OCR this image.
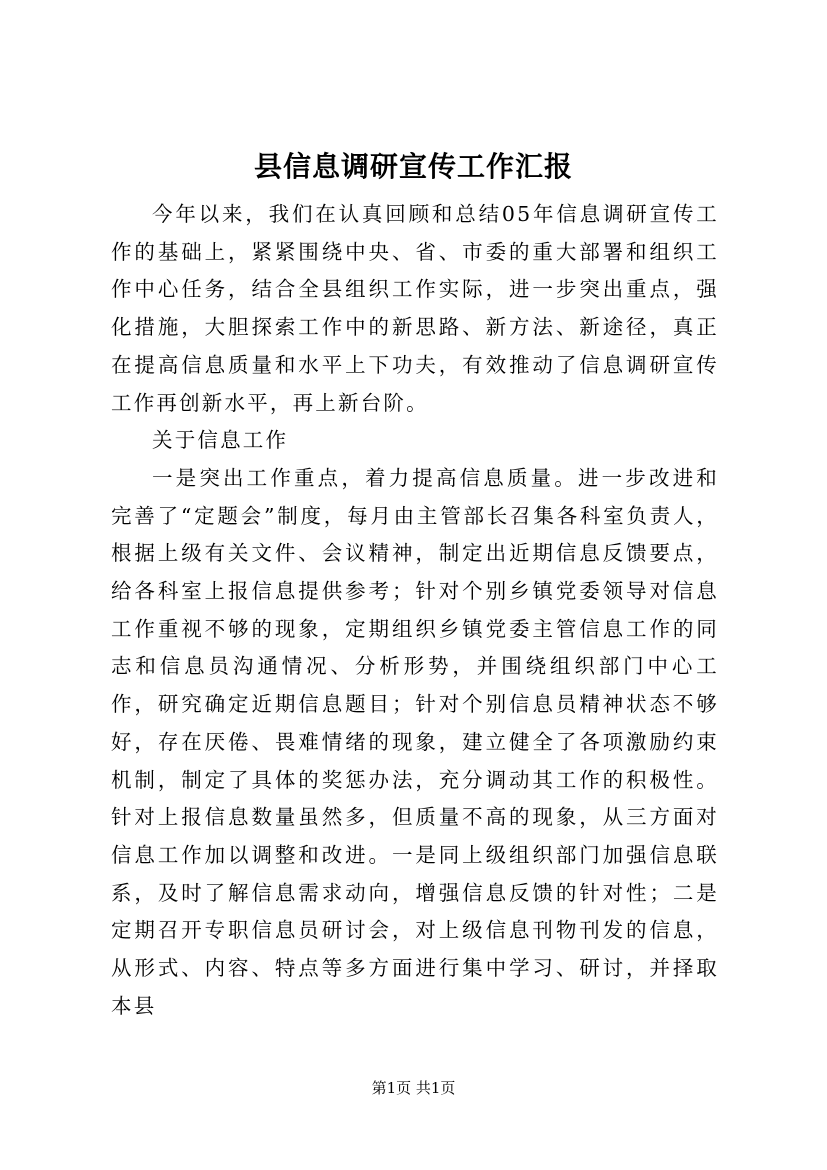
县信息调研宣传工作汇报

今年以来，我们在认真回顾和总结05年信息调研宣传工作的基础上，紧紧围绕中央、省、市委的重大部署和组织工作中心任务，结合全县组织工作实际，进一步突出重点，强化措施，大胆探索工作中的新思路、新方法、新途径，真正在提高信息质量和水平上下功夫，有效推动了信息调研宣传工作再创新水平，再上新台阶。

关于信息工作

一是突出工作重点，着力提高信息质量。进一步改进和完善了“定题会”制度，每月由主管部长召集各科室负责人，根据上级有关文件、会议精神，制定出近期信息反馈要点，给各科室上报信息提供参考；针对个别乡镇党委领导对信息工作重视不够的现象，定期组织乡镇党委主管信息工作的同志和信息员沟通情况、分析形势，并围绕组织部门中心工作，研究确定近期信息题目；针对个别信息员精神状态不够好，存在厌倦、畏难情绪的现象，建立健全了各项激励约束机制，制定了具体的奖惩办法，充分调动其工作的积极性。针对上报信息数量虽然多，但质量不高的现象，从三方面对信息工作加以调整和改进。一是同上级组织部门加强信息联系，及时了解信息需求动向，增强信息反馈的针对性；二是定期召开专职信息员研讨会，对上级信息刊物刊发的信息，从形式、内容、特点等多方面进行集中学习、研讨，并择取本县

第1页 共1页
